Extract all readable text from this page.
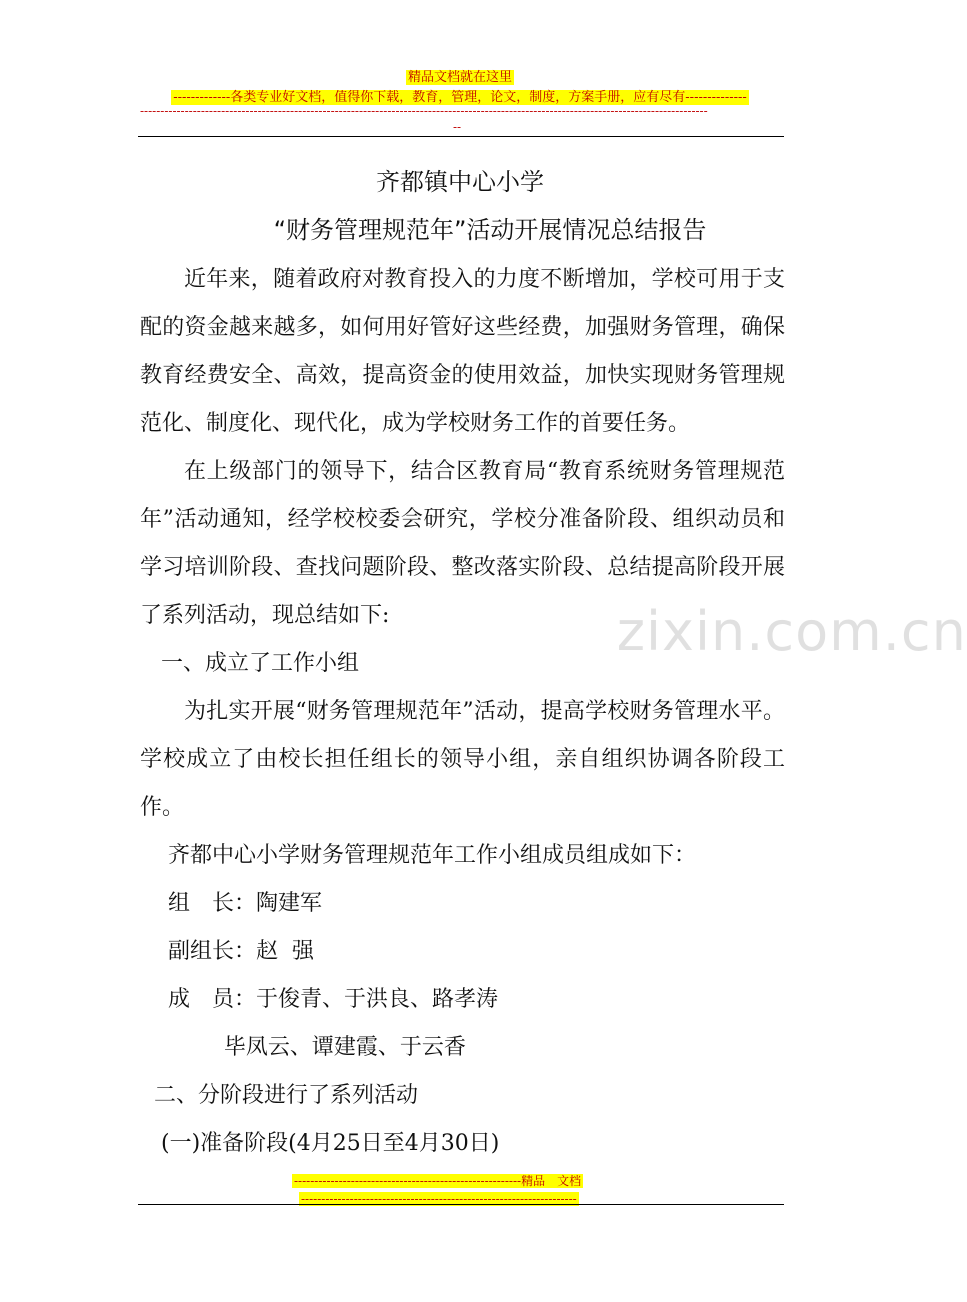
精品文档就在这里
-------------各类专业好文档，值得你下载，教育，管理，论文，制度，方案手册，应有尽有--------------
--------------------------------------------------------------------------------------------------------------------------------------------
--
齐都镇中心小学
“财务管理规范年”活动开展情况总结报告
zixin.com.cn

近年来，随着政府对教育投入的力度不断增加，学校可用于支配的资金越来越多，如何用好管好这些经费，加强财务管理，确保教育经费安全、高效，提高资金的使用效益，加快实现财务管理规范化、制度化、现代化，成为学校财务工作的首要任务。

在上级部门的领导下，结合区教育局“教育系统财务管理规范年”活动通知，经学校校委会研究，学校分准备阶段、组织动员和学习培训阶段、查找问题阶段、整改落实阶段、总结提高阶段开展了系列活动，现总结如下:

一、成立了工作小组

为扎实开展“财务管理规范年”活动，提高学校财务管理水平。学校成立了由校长担任组长的领导小组，亲自组织协调各阶段工作。

齐都中心小学财务管理规范年工作小组成员组成如下：
组　长：陶建军
副组长：赵  强
成　员：于俊青、于洪良、路孝涛
毕凤云、谭建霞、于云香
二、分阶段进行了系列活动
(一)准备阶段(4月25日至4月30日)
--------------------------------------------------------精品　文档
--------------------------------------------------------------------
